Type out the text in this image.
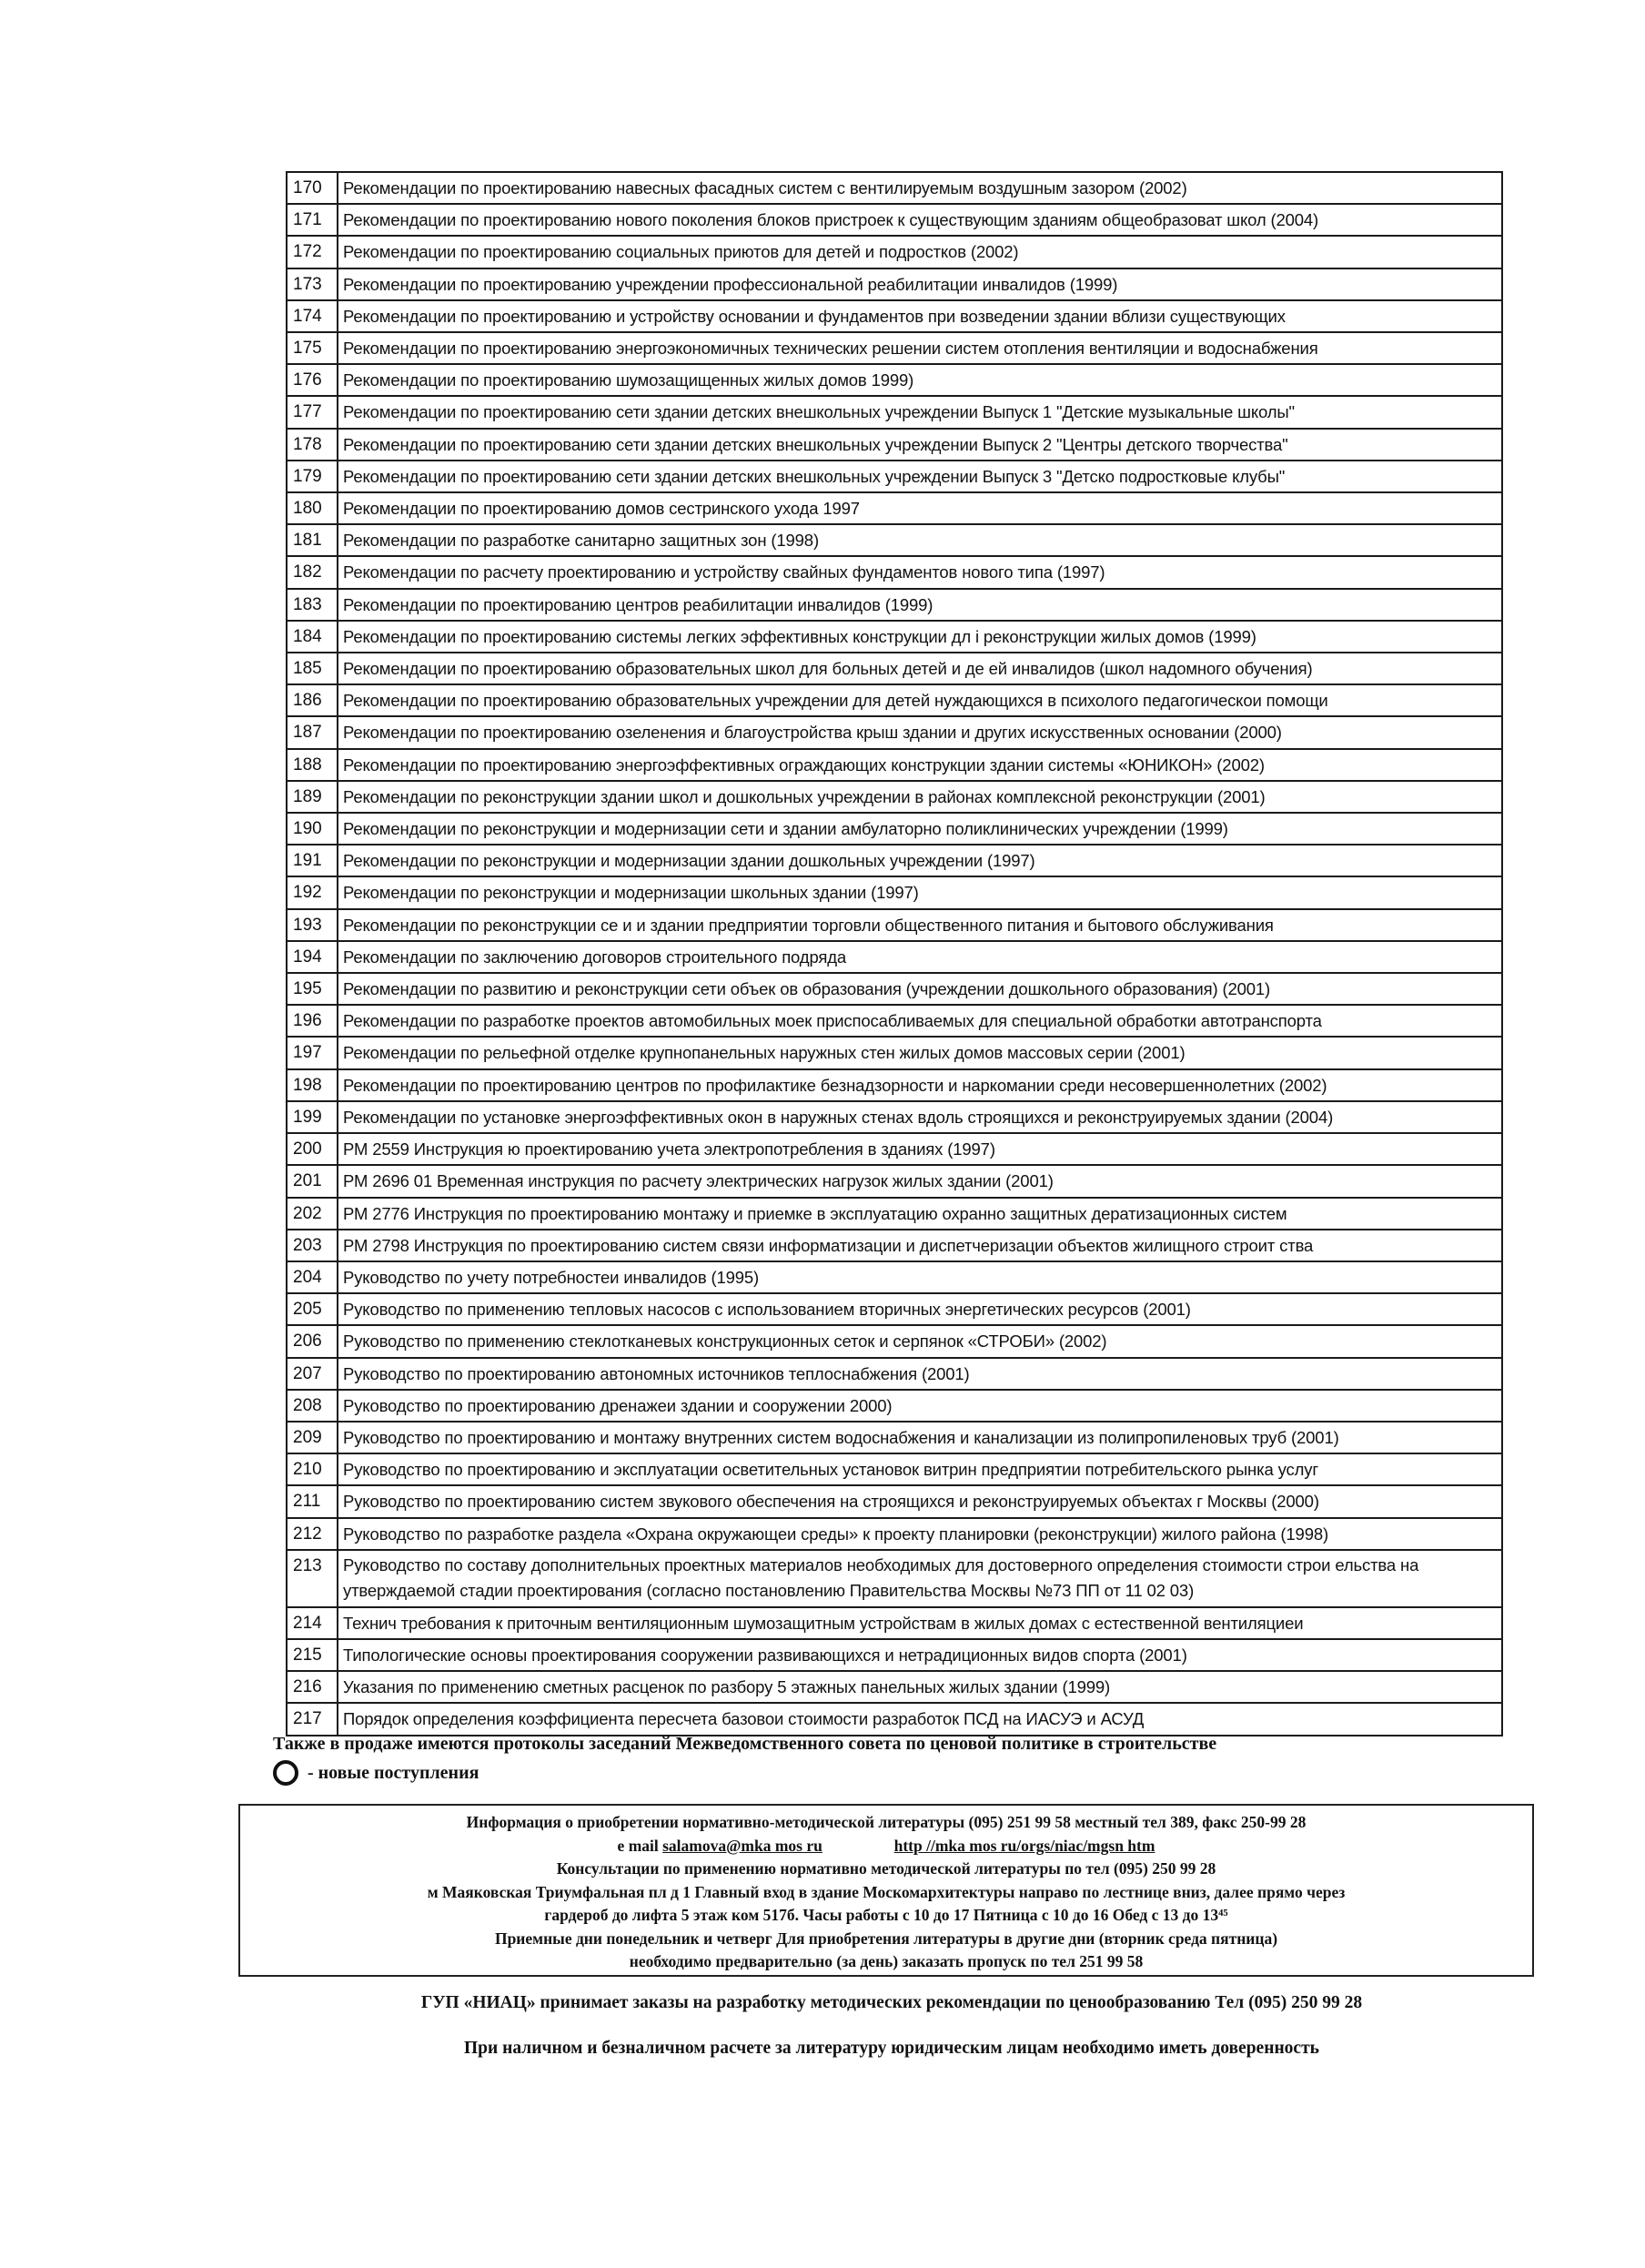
170	Рекомендации по проектированию навесных фасадных систем с вентилируемым воздушным зазором (2002)
171	Рекомендации по проектированию нового поколения блоков пристроек к существующим зданиям общеобразоват школ (2004)
172	Рекомендации по проектированию социальных приютов для детей и подростков (2002)
173	Рекомендации по проектированию учреждении профессиональной реабилитации инвалидов (1999)
174	Рекомендации по проектированию и устройству основании и фундаментов при возведении здании вблизи существующих
175	Рекомендации по проектированию энергоэкономичных технических решении систем отопления вентиляции и водоснабжения
176	Рекомендации по проектированию шумозащищенных жилых домов 1999)
177	Рекомендации по проектированию сети здании детских внешкольных учреждении Выпуск 1 "Детские музыкальные школы"
178	Рекомендации по проектированию сети здании детских внешкольных учреждении Выпуск 2 "Центры детского творчества"
179	Рекомендации по проектированию сети здании детских внешкольных учреждении Выпуск 3 "Детско подростковые клубы"
180	Рекомендации по проектированию домов сестринского ухода 1997
181	Рекомендации по разработке санитарно защитных зон (1998)
182	Рекомендации по расчету проектированию и устройству свайных фундаментов нового типа (1997)
183	Рекомендации по проектированию центров реабилитации инвалидов (1999)
184	Рекомендации по проектированию системы легких эффективных конструкции дл і реконструкции жилых домов (1999)
185	Рекомендации по проектированию образовательных школ для больных детей и де ей инвалидов (школ надомного обучения)
186	Рекомендации по проектированию образовательных учреждении для детей нуждающихся в психолого педагогическои помощи
187	Рекомендации по проектированию озеленения и благоустройства крыш здании и других искусственных основании (2000)
188	Рекомендации по проектированию энергоэффективных ограждающих конструкции здании системы «ЮНИКОН» (2002)
189	Рекомендации по реконструкции здании школ и дошкольных учреждении в районах комплексной реконструкции (2001)
190	Рекомендации по реконструкции и модернизации сети и здании амбулаторно поликлинических учреждении (1999)
191	Рекомендации по реконструкции и модернизации здании дошкольных учреждении (1997)
192	Рекомендации по реконструкции и модернизации школьных здании (1997)
193	Рекомендации по реконструкции се и и здании предприятии торговли общественного питания и бытового обслуживания
194	Рекомендации по заключению договоров строительного подряда
195	Рекомендации по развитию и реконструкции сети объек ов образования (учреждении дошкольного образования) (2001)
196	Рекомендации по разработке проектов автомобильных моек приспосабливаемых для специальной обработки автотранспорта
197	Рекомендации по рельефной отделке крупнопанельных наружных стен жилых домов массовых серии (2001)
198	Рекомендации по проектированию центров по профилактике безнадзорности и наркомании среди несовершеннолетних (2002)
199	Рекомендации по установке энергоэффективных окон в наружных стенах вдоль строящихся и реконструируемых здании (2004)
200	РМ 2559 Инструкция ю проектированию учета электропотребления в зданиях (1997)
201	РМ 2696 01 Временная инструкция по расчету электрических нагрузок жилых здании (2001)
202	РМ 2776 Инструкция по проектированию монтажу и приемке в эксплуатацию охранно защитных дератизационных систем
203	РМ 2798 Инструкция по проектированию систем связи информатизации и диспетчеризации объектов жилищного строит ства
204	Руководство по учету потребностеи инвалидов (1995)
205	Руководство по применению тепловых насосов с использованием вторичных энергетических ресурсов (2001)
206	Руководство по применению стеклотканевых конструкционных сеток и серпянок «СТРОБИ» (2002)
207	Руководство по проектированию автономных источников теплоснабжения (2001)
208	Руководство по проектированию дренажеи здании и сооружении 2000)
209	Руководство по проектированию и монтажу внутренних систем водоснабжения и канализации из полипропиленовых труб (2001)
210	Руководство по проектированию и эксплуатации осветительных установок витрин предприятии потребительского рынка услуг
211	Руководство по проектированию систем звукового обеспечения на строящихся и реконструируемых объектах г Москвы (2000)
212	Руководство по разработке раздела «Охрана окружающеи среды» к проекту планировки (реконструкции) жилого района (1998)
213	Руководство по составу дополнительных проектных материалов необходимых для достоверного определения стоимости строи ельства на утверждаемой стадии проектирования (согласно постановлению Правительства Москвы №73 ПП от 11 02 03)
214	Технич требования к приточным вентиляционным шумозащитным устройствам в жилых домах с естественной вентиляциеи
215	Типологические основы проектирования сооружении развивающихся и нетрадиционных видов спорта (2001)
216	Указания по применению сметных расценок по разбору 5 этажных панельных жилых здании (1999)
217	Порядок определения коэффициента пересчета базовои стоимости разработок ПСД на ИАСУЭ и АСУД
Также в продаже имеются протоколы заседаний Межведомственного совета по ценовой политике в строительстве
- новые поступления
Информация о приобретении нормативно-методической литературы (095) 251 99 58 местный тел 389, факс 250-99 28
e mail salamova@mka mos ru	http //mka mos ru/orgs/niac/mgsn htm
Консультации по применению нормативно методической литературы по тел (095) 250 99 28
м Маяковская Триумфальная пл д 1 Главный вход в здание Москомархитектуры направо по лестнице вниз, далее прямо через
гардероб до лифта 5 этаж ком 517б. Часы работы с 10 до 17 Пятница с 10 до 16 Обед с 13 до 13⁴⁵
Приемные дни понедельник и четверг Для приобретения литературы в другие дни (вторник среда пятница)
необходимо предварительно (за день) заказать пропуск по тел 251 99 58
ГУП «НИАЦ» принимает заказы на разработку методических рекомендации по ценообразованию Тел (095) 250 99 28
При наличном и безналичном расчете за литературу юридическим лицам необходимо иметь доверенность
